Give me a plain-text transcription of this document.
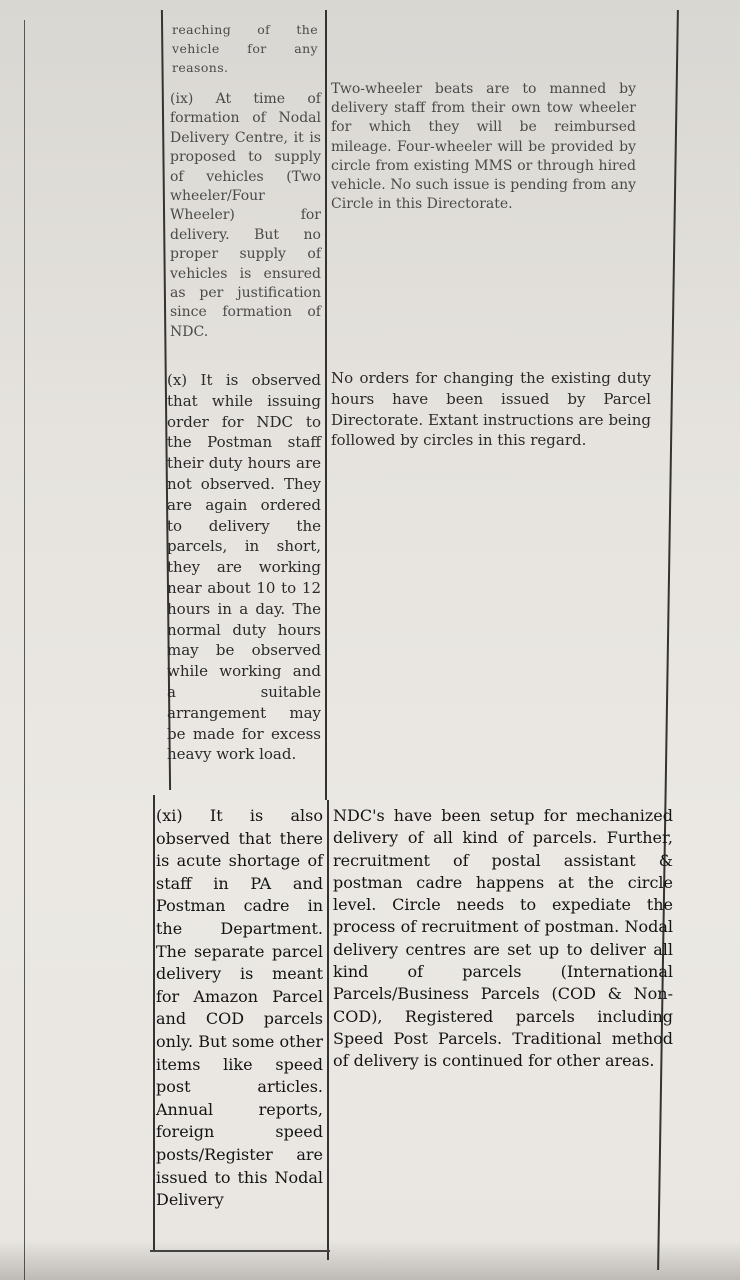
reaching of the vehicle for any reasons.

(ix) At time of formation of Nodal Delivery Centre, it is proposed to supply of vehicles (Two wheeler/Four Wheeler) for delivery. But no proper supply of vehicles is ensured as per justification since formation of NDC.

Two-wheeler beats are to manned by delivery staff from their own tow wheeler for which they will be reimbursed mileage. Four-wheeler will be provided by circle from existing MMS or through hired vehicle. No such issue is pending from any Circle in this Directorate.

(x) It is observed that while issuing order for NDC to the Postman staff their duty hours are not observed. They are again ordered to delivery the parcels, in short, they are working near about 10 to 12 hours in a day. The normal duty hours may be observed while working and a suitable arrangement may be made for excess heavy work load.

No orders for changing the existing duty hours have been issued by Parcel Directorate. Extant instructions are being followed by circles in this regard.

(xi) It is also observed that there is acute shortage of staff in PA and Postman cadre in the Department. The separate parcel delivery is meant for Amazon Parcel and COD parcels only. But some other items like speed post articles. Annual reports, foreign speed posts/Register are issued to this Nodal Delivery

NDC's have been setup for mechanized delivery of all kind of parcels. Further, recruitment of postal assistant & postman cadre happens at the circle level. Circle needs to expediate the process of recruitment of postman. Nodal delivery centres are set up to deliver all kind of parcels (International Parcels/Business Parcels (COD & Non-COD), Registered parcels including Speed Post Parcels. Traditional method of delivery is continued for other areas.
